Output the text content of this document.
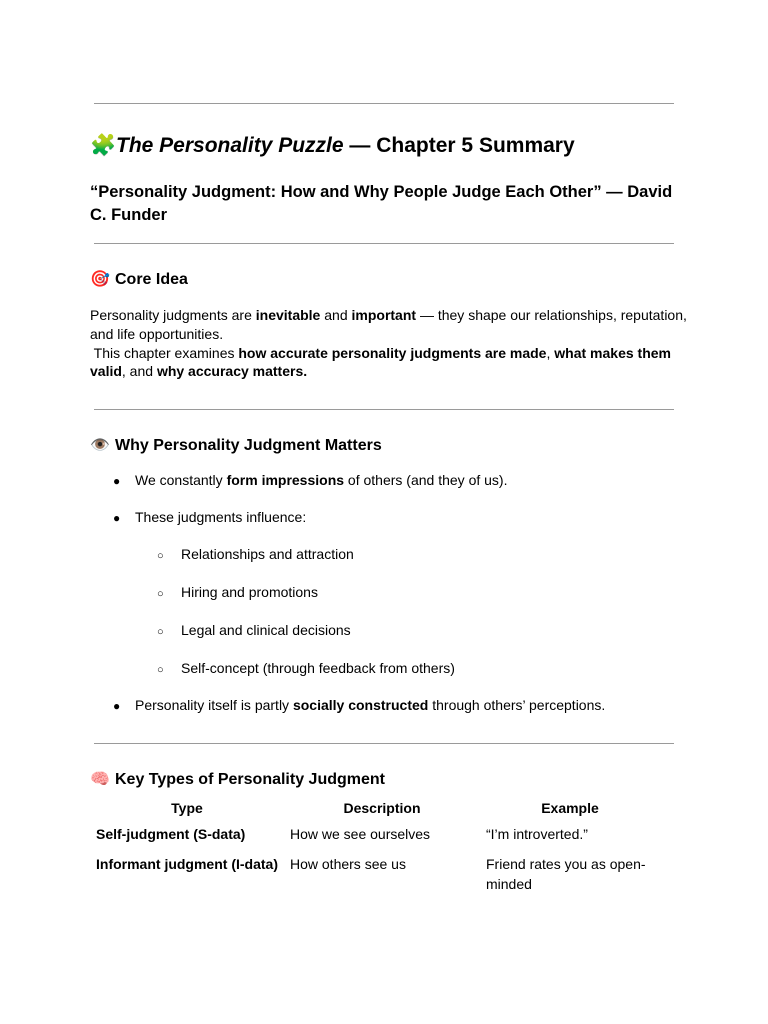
🧩The Personality Puzzle — Chapter 5 Summary
“Personality Judgment: How and Why People Judge Each Other” — David C. Funder
🎯 Core Idea
Personality judgments are inevitable and important — they shape our relationships, reputation, and life opportunities.
This chapter examines how accurate personality judgments are made, what makes them valid, and why accuracy matters.
👁️ Why Personality Judgment Matters
● We constantly form impressions of others (and they of us).
● These judgments influence:
○ Relationships and attraction
○ Hiring and promotions
○ Legal and clinical decisions
○ Self-concept (through feedback from others)
● Personality itself is partly socially constructed through others’ perceptions.
🧠 Key Types of Personality Judgment
Type	Description	Example
Self-judgment (S-data)	How we see ourselves	“I’m introverted.”
Informant judgment (I-data)	How others see us	Friend rates you as open-minded
